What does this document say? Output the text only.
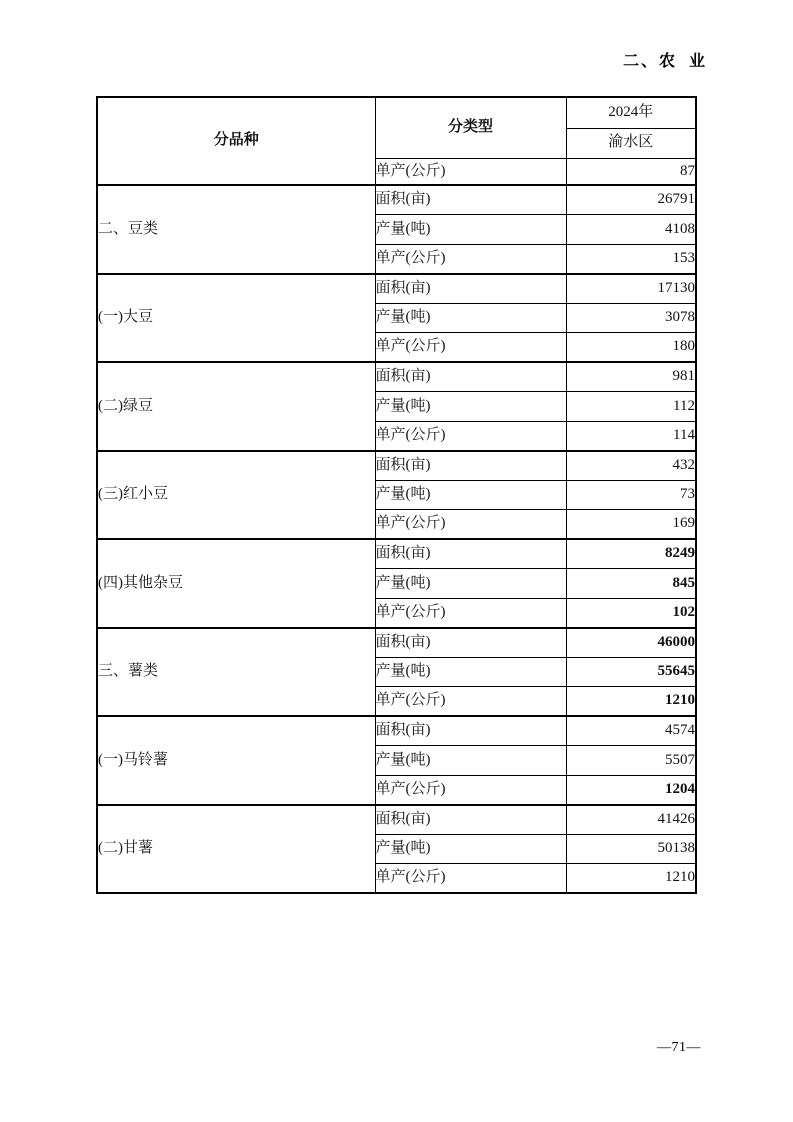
二、农  业
分品种	分类型	2024年
		渝水区
	单产(公斤)	87
二、豆类	面积(亩)	26791
	产量(吨)	4108
	单产(公斤)	153
(一)大豆	面积(亩)	17130
	产量(吨)	3078
	单产(公斤)	180
(二)绿豆	面积(亩)	981
	产量(吨)	112
	单产(公斤)	114
(三)红小豆	面积(亩)	432
	产量(吨)	73
	单产(公斤)	169
(四)其他杂豆	面积(亩)	8249
	产量(吨)	845
	单产(公斤)	102
三、薯类	面积(亩)	46000
	产量(吨)	55645
	单产(公斤)	1210
(一)马铃薯	面积(亩)	4574
	产量(吨)	5507
	单产(公斤)	1204
(二)甘薯	面积(亩)	41426
	产量(吨)	50138
	单产(公斤)	1210
—71—
